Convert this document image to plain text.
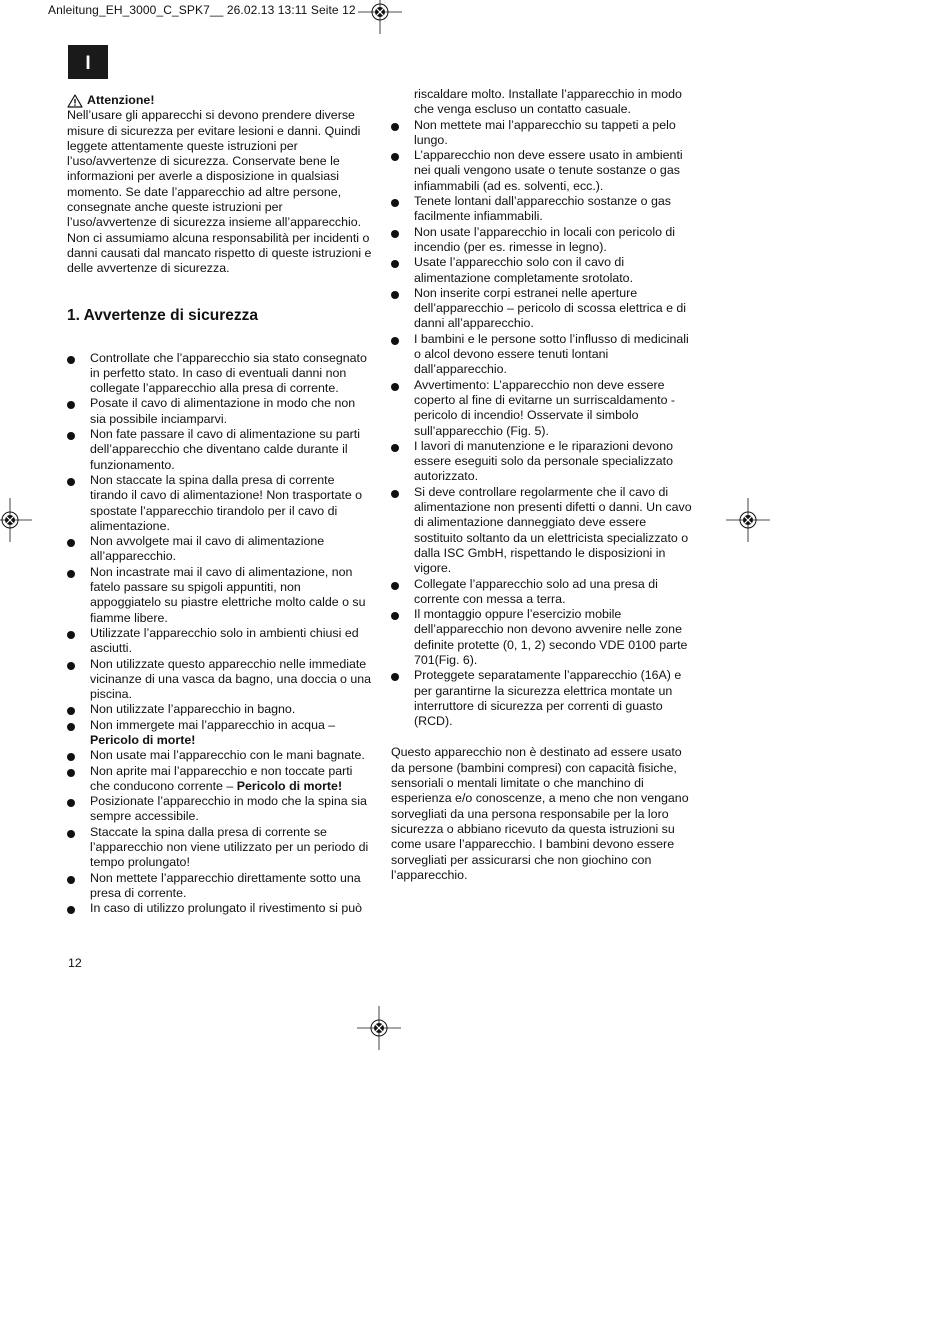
Anleitung_EH_3000_C_SPK7__ 26.02.13 13:11 Seite 12
I
Attenzione!

Nell’usare gli apparecchi si devono prendere diverse misure di sicurezza per evitare lesioni e danni. Quindi leggete attentamente queste istruzioni per l’uso/avvertenze di sicurezza. Conservate bene le informazioni per averle a disposizione in qualsiasi momento. Se date l’apparecchio ad altre persone, consegnate anche queste istruzioni per l’uso/avvertenze di sicurezza insieme all’apparecchio. Non ci assumiamo alcuna responsabilità per incidenti o danni causati dal mancato rispetto di queste istruzioni e delle avvertenze di sicurezza.

1. Avvertenze di sicurezza
Controllate che l’apparecchio sia stato consegnato in perfetto stato. In caso di eventuali danni non collegate l’apparecchio alla presa di corrente.
Posate il cavo di alimentazione in modo che non sia possibile inciamparvi.
Non fate passare il cavo di alimentazione su parti dell’apparecchio che diventano calde durante il funzionamento.
Non staccate la spina dalla presa di corrente tirando il cavo di alimentazione! Non trasportate o spostate l’apparecchio tirandolo per il cavo di alimentazione.
Non avvolgete mai il cavo di alimentazione all’apparecchio.
Non incastrate mai il cavo di alimentazione, non fatelo passare su spigoli appuntiti, non appoggiatelo su piastre elettriche molto calde o su fiamme libere.
Utilizzate l’apparecchio solo in ambienti chiusi ed asciutti.
Non utilizzate questo apparecchio nelle immediate vicinanze di una vasca da bagno, una doccia o una piscina.
Non utilizzate l’apparecchio in bagno.
Non immergete mai l’apparecchio in acqua – Pericolo di morte!
Non usate mai l’apparecchio con le mani bagnate.
Non aprite mai l’apparecchio e non toccate parti che conducono corrente – Pericolo di morte!
Posizionate l’apparecchio in modo che la spina sia sempre accessibile.
Staccate la spina dalla presa di corrente se l’apparecchio non viene utilizzato per un periodo di tempo prolungato!
Non mettete l’apparecchio direttamente sotto una presa di corrente.
In caso di utilizzo prolungato il rivestimento si può
riscaldare molto. Installate l’apparecchio in modo che venga escluso un contatto casuale.
Non mettete mai l’apparecchio su tappeti a pelo lungo.
L’apparecchio non deve essere usato in ambienti nei quali vengono usate o tenute sostanze o gas infiammabili (ad es. solventi, ecc.).
Tenete lontani dall’apparecchio sostanze o gas facilmente infiammabili.
Non usate l’apparecchio in locali con pericolo di incendio (per es. rimesse in legno).
Usate l’apparecchio solo con il cavo di alimentazione completamente srotolato.
Non inserite corpi estranei nelle aperture dell’apparecchio – pericolo di scossa elettrica e di danni all’apparecchio.
I bambini e le persone sotto l’influsso di medicinali o alcol devono essere tenuti lontani dall’apparecchio.
Avvertimento: L’apparecchio non deve essere coperto al fine di evitarne un surriscaldamento - pericolo di incendio! Osservate il simbolo sull’apparecchio (Fig. 5).
I lavori di manutenzione e le riparazioni devono essere eseguiti solo da personale specializzato autorizzato.
Si deve controllare regolarmente che il cavo di alimentazione non presenti difetti o danni. Un cavo di alimentazione danneggiato deve essere sostituito soltanto da un elettricista specializzato o dalla ISC GmbH, rispettando le disposizioni in vigore.
Collegate l’apparecchio solo ad una presa di corrente con messa a terra.
Il montaggio oppure l’esercizio mobile dell’apparecchio non devono avvenire nelle zone definite protette (0, 1, 2) secondo VDE 0100 parte 701(Fig. 6).
Proteggete separatamente l’apparecchio (16A) e per garantirne la sicurezza elettrica montate un interruttore di sicurezza per correnti di guasto (RCD).

Questo apparecchio non è destinato ad essere usato da persone (bambini compresi) con capacità fisiche, sensoriali o mentali limitate o che manchino di esperienza e/o conoscenze, a meno che non vengano sorvegliati da una persona responsabile per la loro sicurezza o abbiano ricevuto da questa istruzioni su come usare l’apparecchio. I bambini devono essere sorvegliati per assicurarsi che non giochino con l’apparecchio.

12
